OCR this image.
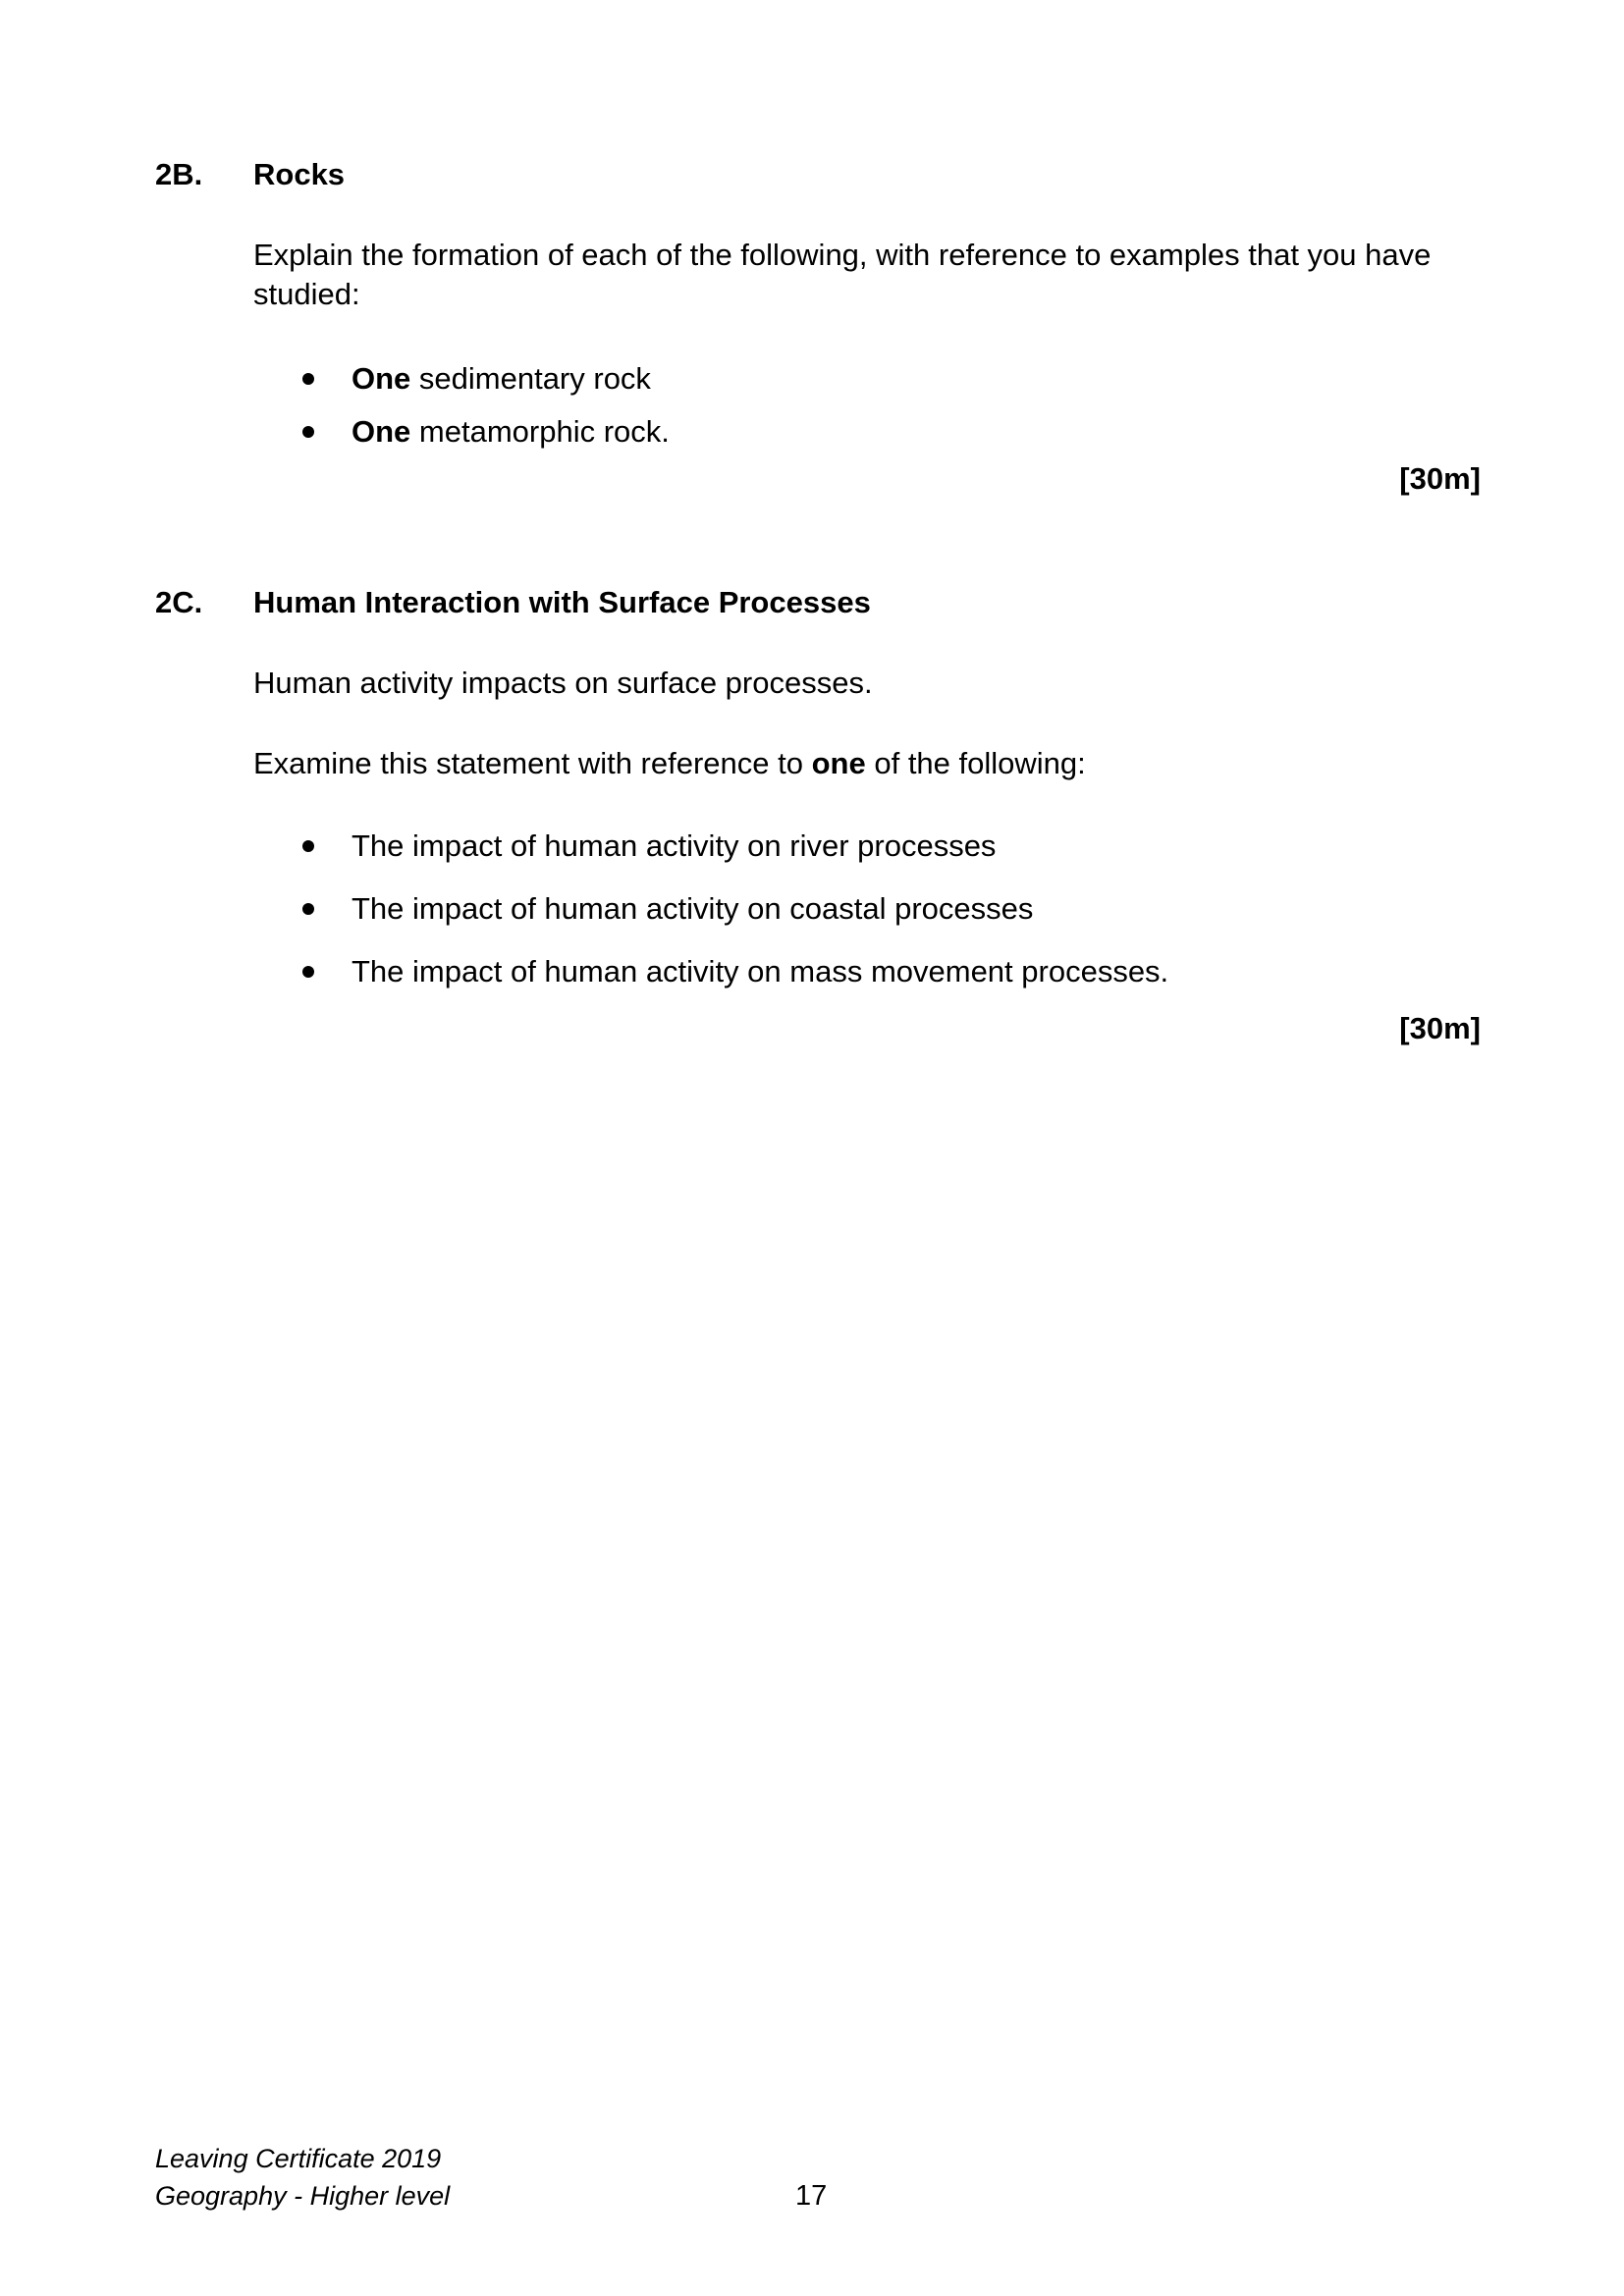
2B. Rocks
Explain the formation of each of the following, with reference to examples that you have studied:
One sedimentary rock
One metamorphic rock.
[30m]
2C. Human Interaction with Surface Processes
Human activity impacts on surface processes.
Examine this statement with reference to one of the following:
The impact of human activity on river processes
The impact of human activity on coastal processes
The impact of human activity on mass movement processes.
[30m]
Leaving Certificate 2019
Geography - Higher level	17
